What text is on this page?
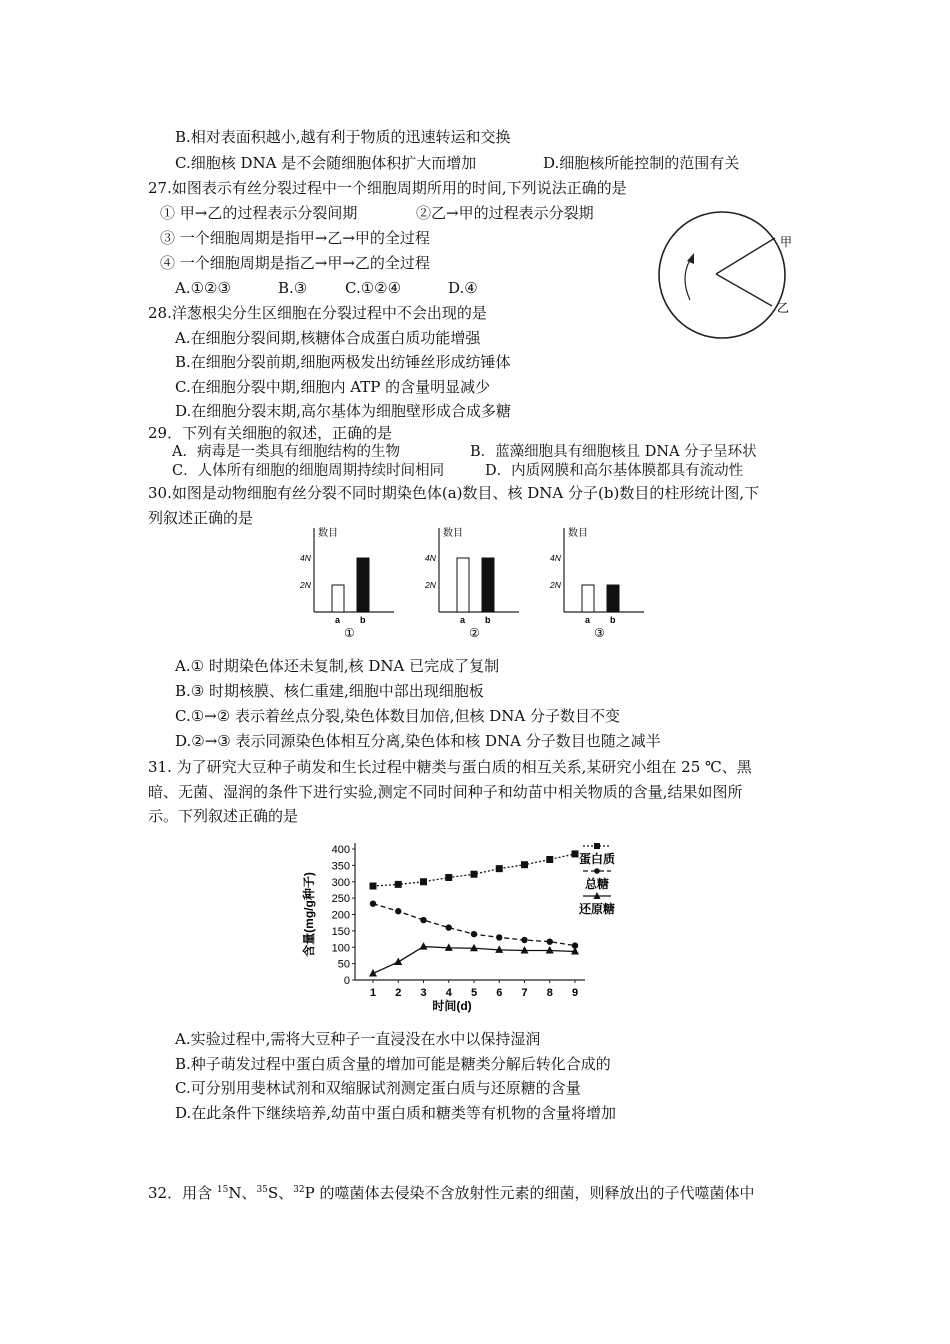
B.相对表面积越小,越有利于物质的迅速转运和交换
C.细胞核 DNA 是不会随细胞体积扩大而增加	D.细胞核所能控制的范围有关
27.如图表示有丝分裂过程中一个细胞周期所用的时间,下列说法正确的是
① 甲→乙的过程表示分裂间期	②乙→甲的过程表示分裂期
③ 一个细胞周期是指甲→乙→甲的全过程
④ 一个细胞周期是指乙→甲→乙的全过程
A.①②③	B.③	C.①②④	D.④
甲
乙
28.洋葱根尖分生区细胞在分裂过程中不会出现的是
A.在细胞分裂间期,核糖体合成蛋白质功能增强
B.在细胞分裂前期,细胞两极发出纺锤丝形成纺锤体
C.在细胞分裂中期,细胞内 ATP 的含量明显减少
D.在细胞分裂末期,高尔基体为细胞壁形成合成多糖
29．下列有关细胞的叙述，正确的是
A．病毒是一类具有细胞结构的生物	B．蓝藻细胞具有细胞核且 DNA 分子呈环状
C．人体所有细胞的细胞周期持续时间相同	D．内质网膜和高尔基体膜都具有流动性
30.如图是动物细胞有丝分裂不同时期染色体(a)数目、核 DNA 分子(b)数目的柱形统计图,下
列叙述正确的是
数目
2N
4N
a b
①
数目
2N
4N
a b
②
数目
2N
4N
a b
③
A.① 时期染色体还未复制,核 DNA 已完成了复制
B.③ 时期核膜、核仁重建,细胞中部出现细胞板
C.①→② 表示着丝点分裂,染色体数目加倍,但核 DNA 分子数目不变
D.②→③ 表示同源染色体相互分离,染色体和核 DNA 分子数目也随之减半
31. 为了研究大豆种子萌发和生长过程中糖类与蛋白质的相互关系,某研究小组在 25 ℃、黑
暗、无菌、湿润的条件下进行实验,测定不同时间种子和幼苗中相关物质的含量,结果如图所
示。下列叙述正确的是
0
50
100
150
200
250
300
350
400
1 2 3 4 5 6 7 8 9
时间(d)
含量(mg/g种子)
蛋白质
总糖
还原糖
A.实验过程中,需将大豆种子一直浸没在水中以保持湿润
B.种子萌发过程中蛋白质含量的增加可能是糖类分解后转化合成的
C.可分别用斐林试剂和双缩脲试剂测定蛋白质与还原糖的含量
D.在此条件下继续培养,幼苗中蛋白质和糖类等有机物的含量将增加
32．用含 $^{15}$N、$^{35}$S、$^{32}$P 的噬菌体去侵染不含放射性元素的细菌，则释放出的子代噬菌体中
